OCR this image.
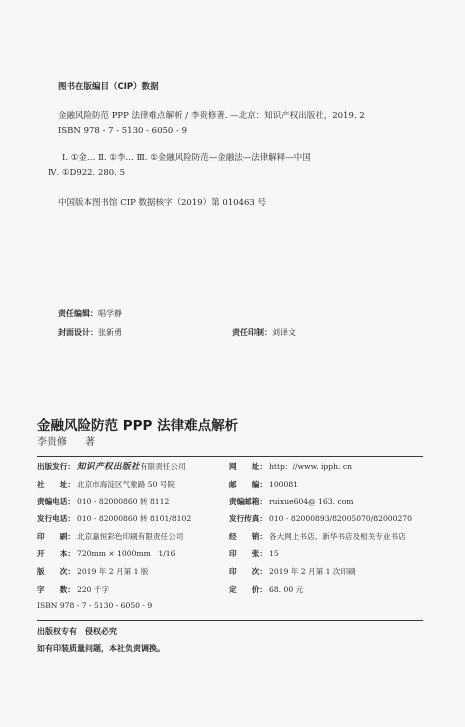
图书在版编目（CIP）数据
金融风险防范 PPP 法律难点解析 / 李贵修著. —北京：知识产权出版社，2019. 2
ISBN 978 - 7 - 5130 - 6050 - 9
Ⅰ. ①金… Ⅱ. ①李… Ⅲ. ①金融风险防范—金融法—法律解释—中国
Ⅳ. ①D922. 280. 5
中国版本图书馆 CIP 数据核字（2019）第 010463 号
责任编辑：唱学静
封面设计：张新勇	责任印制：刘译文
金融风险防范 PPP 法律难点解析
李贵修 著
出版发行： 知识产权出版社有限责任公司
社　　址： 北京市海淀区气象路 50 号院
责编电话： 010 - 82000860 转 8112
发行电话： 010 - 82000860 转 8101/8102
印　　刷： 北京嘉恒彩色印刷有限责任公司
开　　本： 720mm × 1000mm　1/16
版　　次： 2019 年 2 月第 1 版
字　　数： 220 千字
ISBN 978 - 7 - 5130 - 6050 - 9
网　　址： http：//www. ipph. cn
邮　　编： 100081
责编邮箱： ruixue604@ 163. com
发行传真： 010 - 82000893/82005070/82000270
经　　销： 各大网上书店、新华书店及相关专业书店
印　　张： 15
印　　次： 2019 年 2 月第 1 次印刷
定　　价： 68. 00 元
出版权专有　侵权必究
如有印装质量问题，本社负责调换。
